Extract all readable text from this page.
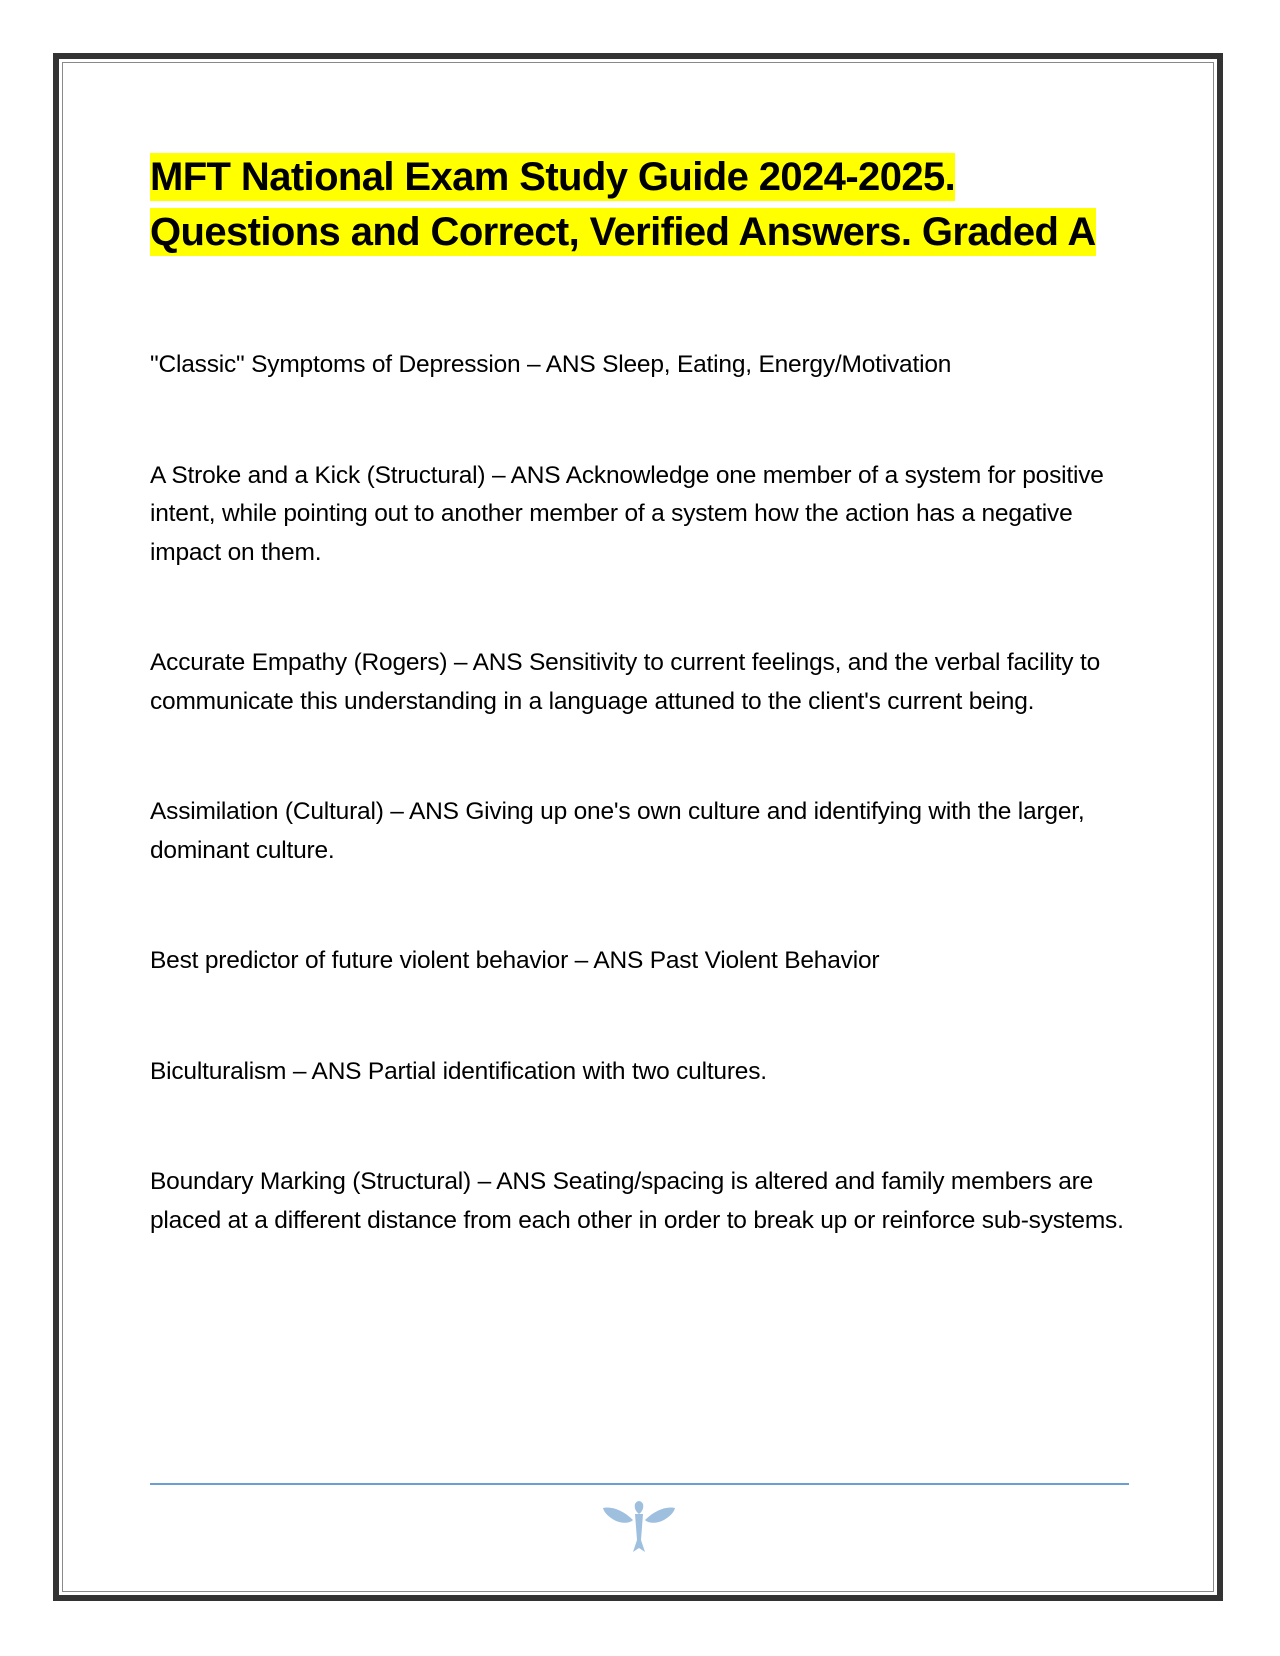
MFT National Exam Study Guide 2024-2025.
Questions and Correct, Verified Answers. Graded A

"Classic" Symptoms of Depression – ANS Sleep, Eating, Energy/Motivation

A Stroke and a Kick (Structural) – ANS Acknowledge one member of a system for positive intent, while pointing out to another member of a system how the action has a negative impact on them.

Accurate Empathy (Rogers) – ANS Sensitivity to current feelings, and the verbal facility to communicate this understanding in a language attuned to the client's current being.

Assimilation (Cultural) – ANS Giving up one's own culture and identifying with the larger, dominant culture.

Best predictor of future violent behavior – ANS Past Violent Behavior

Biculturalism – ANS Partial identification with two cultures.

Boundary Marking (Structural) – ANS Seating/spacing is altered and family members are placed at a different distance from each other in order to break up or reinforce sub-systems.
